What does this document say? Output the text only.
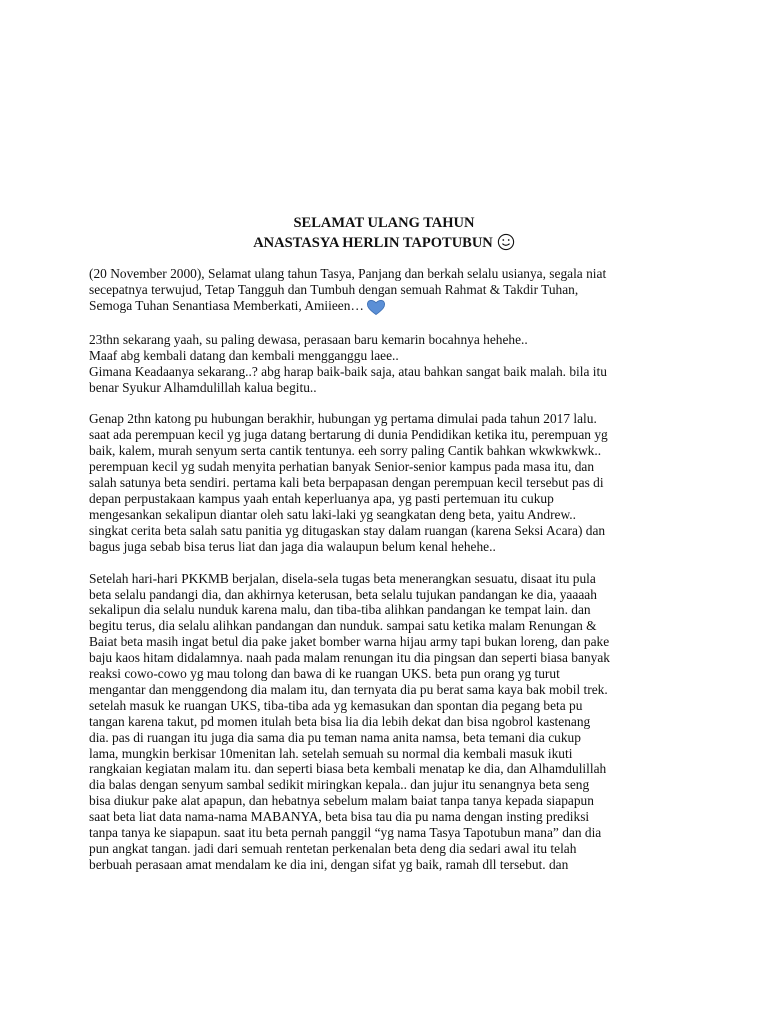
SELAMAT ULANG TAHUN
ANASTASYA HERLIN TAPOTUBUN
(20 November 2000), Selamat ulang tahun Tasya, Panjang dan berkah selalu usianya, segala niat
secepatnya terwujud, Tetap Tangguh dan Tumbuh dengan semuah Rahmat & Takdir Tuhan,
Semoga Tuhan Senantiasa Memberkati, Amiieen…
23thn sekarang yaah, su paling dewasa, perasaan baru kemarin bocahnya hehehe..
Maaf abg kembali datang dan kembali mengganggu laee..
Gimana Keadaanya sekarang..? abg harap baik-baik saja, atau bahkan sangat baik malah. bila itu
benar Syukur Alhamdulillah kalua begitu..
Genap 2thn katong pu hubungan berakhir, hubungan yg pertama dimulai pada tahun 2017 lalu.
saat ada perempuan kecil yg juga datang bertarung di dunia Pendidikan ketika itu, perempuan yg
baik, kalem, murah senyum serta cantik tentunya. eeh sorry paling Cantik bahkan wkwkwkwk..
perempuan kecil yg sudah menyita perhatian banyak Senior-senior kampus pada masa itu, dan
salah satunya beta sendiri. pertama kali beta berpapasan dengan perempuan kecil tersebut pas di
depan perpustakaan kampus yaah entah keperluanya apa, yg pasti pertemuan itu cukup
mengesankan sekalipun diantar oleh satu laki-laki yg seangkatan deng beta, yaitu Andrew..
singkat cerita beta salah satu panitia yg ditugaskan stay dalam ruangan (karena Seksi Acara) dan
bagus juga sebab bisa terus liat dan jaga dia walaupun belum kenal hehehe..
Setelah hari-hari PKKMB berjalan, disela-sela tugas beta menerangkan sesuatu, disaat itu pula
beta selalu pandangi dia, dan akhirnya keterusan, beta selalu tujukan pandangan ke dia, yaaaah
sekalipun dia selalu nunduk karena malu, dan tiba-tiba alihkan pandangan ke tempat lain. dan
begitu terus, dia selalu alihkan pandangan dan nunduk. sampai satu ketika malam Renungan &
Baiat beta masih ingat betul dia pake jaket bomber warna hijau army tapi bukan loreng, dan pake
baju kaos hitam didalamnya. naah pada malam renungan itu dia pingsan dan seperti biasa banyak
reaksi cowo-cowo yg mau tolong dan bawa di ke ruangan UKS. beta pun orang yg turut
mengantar dan menggendong dia malam itu, dan ternyata dia pu berat sama kaya bak mobil trek.
setelah masuk ke ruangan UKS, tiba-tiba ada yg kemasukan dan spontan dia pegang beta pu
tangan karena takut, pd momen itulah beta bisa lia dia lebih dekat dan bisa ngobrol kastenang
dia. pas di ruangan itu juga dia sama dia pu teman nama anita namsa, beta temani dia cukup
lama, mungkin berkisar 10menitan lah. setelah semuah su normal dia kembali masuk ikuti
rangkaian kegiatan malam itu. dan seperti biasa beta kembali menatap ke dia, dan Alhamdulillah
dia balas dengan senyum sambal sedikit miringkan kepala.. dan jujur itu senangnya beta seng
bisa diukur pake alat apapun, dan hebatnya sebelum malam baiat tanpa tanya kepada siapapun
saat beta liat data nama-nama MABANYA, beta bisa tau dia pu nama dengan insting prediksi
tanpa tanya ke siapapun. saat itu beta pernah panggil “yg nama Tasya Tapotubun mana” dan dia
pun angkat tangan. jadi dari semuah rentetan perkenalan beta deng dia sedari awal itu telah
berbuah perasaan amat mendalam ke dia ini, dengan sifat yg baik, ramah dll tersebut. dan
